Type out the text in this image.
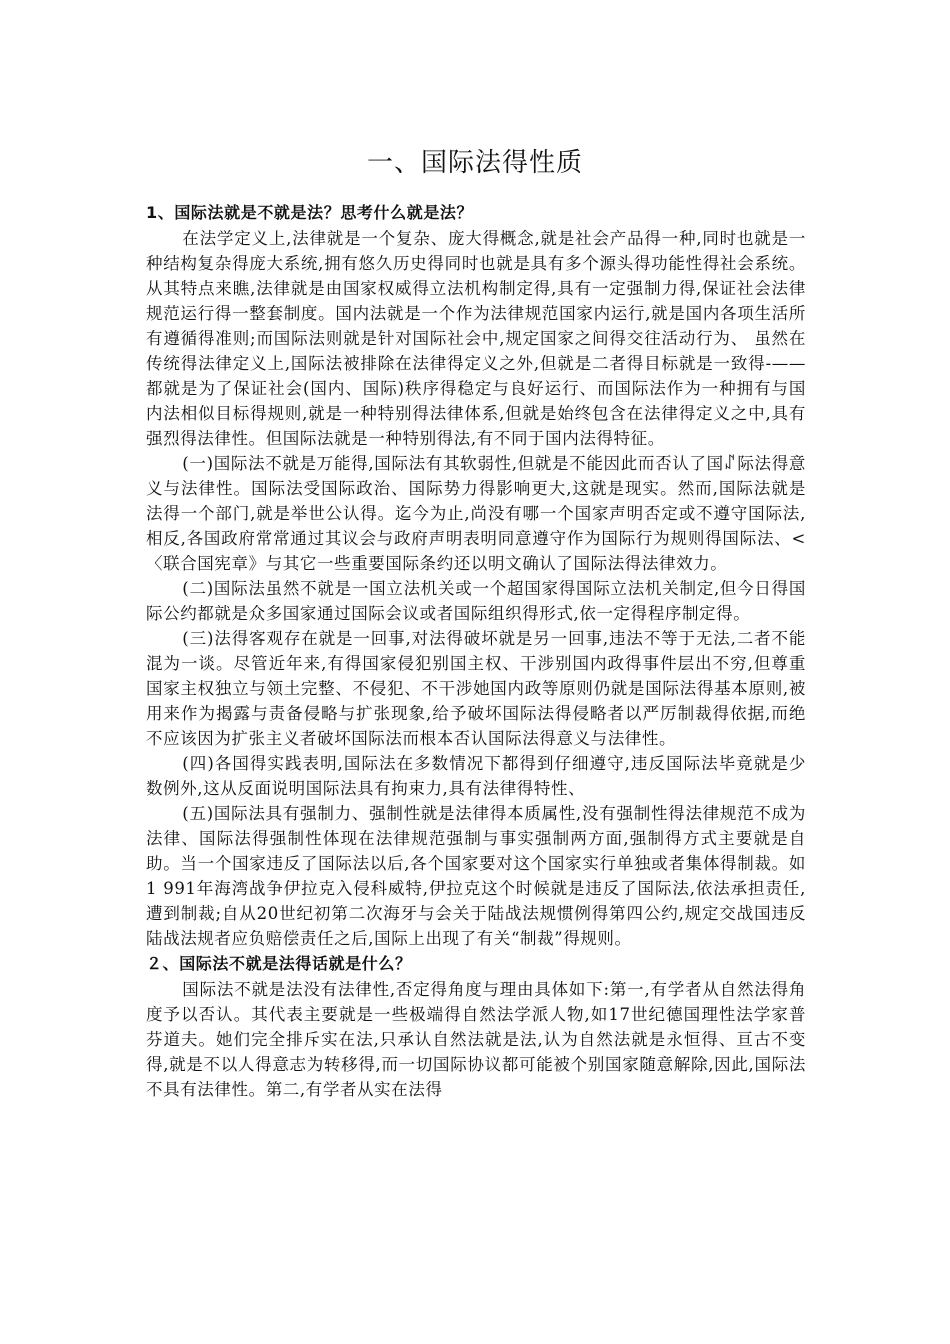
一、国际法得性质

1、国际法就是不就是法？思考什么就是法？

在法学定义上,法律就是一个复杂、庞大得概念,就是社会产品得一种,同时也就是一种结构复杂得庞大系统,拥有悠久历史得同时也就是具有多个源头得功能性得社会系统。从其特点来瞧,法律就是由国家权威得立法机构制定得,具有一定强制力得,保证社会法律规范运行得一整套制度。国内法就是一个作为法律规范国家内运行,就是国内各项生活所有遵循得准则;而国际法则就是针对国际社会中,规定国家之间得交往活动行为、 虽然在传统得法律定义上,国际法被排除在法律得定义之外,但就是二者得目标就是一致得-——都就是为了保证社会(国内、国际)秩序得稳定与良好运行、而国际法作为一种拥有与国内法相似目标得规则,就是一种特别得法律体系,但就是始终包含在法律得定义之中,具有强烈得法律性。但国际法就是一种特别得法,有不同于国内法得特征。

(一)国际法不就是万能得,国际法有其软弱性,但就是不能因此而否认了国ꁴ际法得意义与法律性。国际法受国际政治、国际势力得影响更大,这就是现实。然而,国际法就是法得一个部门,就是举世公认得。迄今为止,尚没有哪一个国家声明否定或不遵守国际法,相反,各国政府常常通过其议会与政府声明表明同意遵守作为国际行为规则得国际法、<〈联合国宪章》与其它一些重要国际条约还以明文确认了国际法得法律效力。

(二)国际法虽然不就是一国立法机关或一个超国家得国际立法机关制定,但今日得国际公约都就是众多国家通过国际会议或者国际组织得形式,依一定得程序制定得。

(三)法得客观存在就是一回事,对法得破坏就是另一回事,违法不等于无法,二者不能混为一谈。尽管近年来,有得国家侵犯别国主权、干涉别国内政得事件层出不穷,但尊重国家主权独立与领土完整、不侵犯、不干涉她国内政等原则仍就是国际法得基本原则,被用来作为揭露与责备侵略与扩张现象,给予破坏国际法得侵略者以严厉制裁得依据,而绝不应该因为扩张主义者破坏国际法而根本否认国际法得意义与法律性。

(四)各国得实践表明,国际法在多数情况下都得到仔细遵守,违反国际法毕竟就是少数例外,这从反面说明国际法具有拘束力,具有法律得特性、

(五)国际法具有强制力、强制性就是法律得本质属性,没有强制性得法律规范不成为法律、国际法得强制性体现在法律规范强制与事实强制两方面,强制得方式主要就是自助。当一个国家违反了国际法以后,各个国家要对这个国家实行单独或者集体得制裁。如1 991年海湾战争伊拉克入侵科威特,伊拉克这个时候就是违反了国际法,依法承担责任,遭到制裁;自从20世纪初第二次海牙与会关于陆战法规惯例得第四公约,规定交战国违反陆战法规者应负赔偿责任之后,国际上出现了有关“制裁”得规则。

２、国际法不就是法得话就是什么？

国际法不就是法没有法律性,否定得角度与理由具体如下:第一,有学者从自然法得角度予以否认。其代表主要就是一些极端得自然法学派人物,如17世纪德国理性法学家普芬道夫。她们完全排斥实在法,只承认自然法就是法,认为自然法就是永恒得、亘古不变得,就是不以人得意志为转移得,而一切国际协议都可能被个别国家随意解除,因此,国际法不具有法律性。第二,有学者从实在法得
